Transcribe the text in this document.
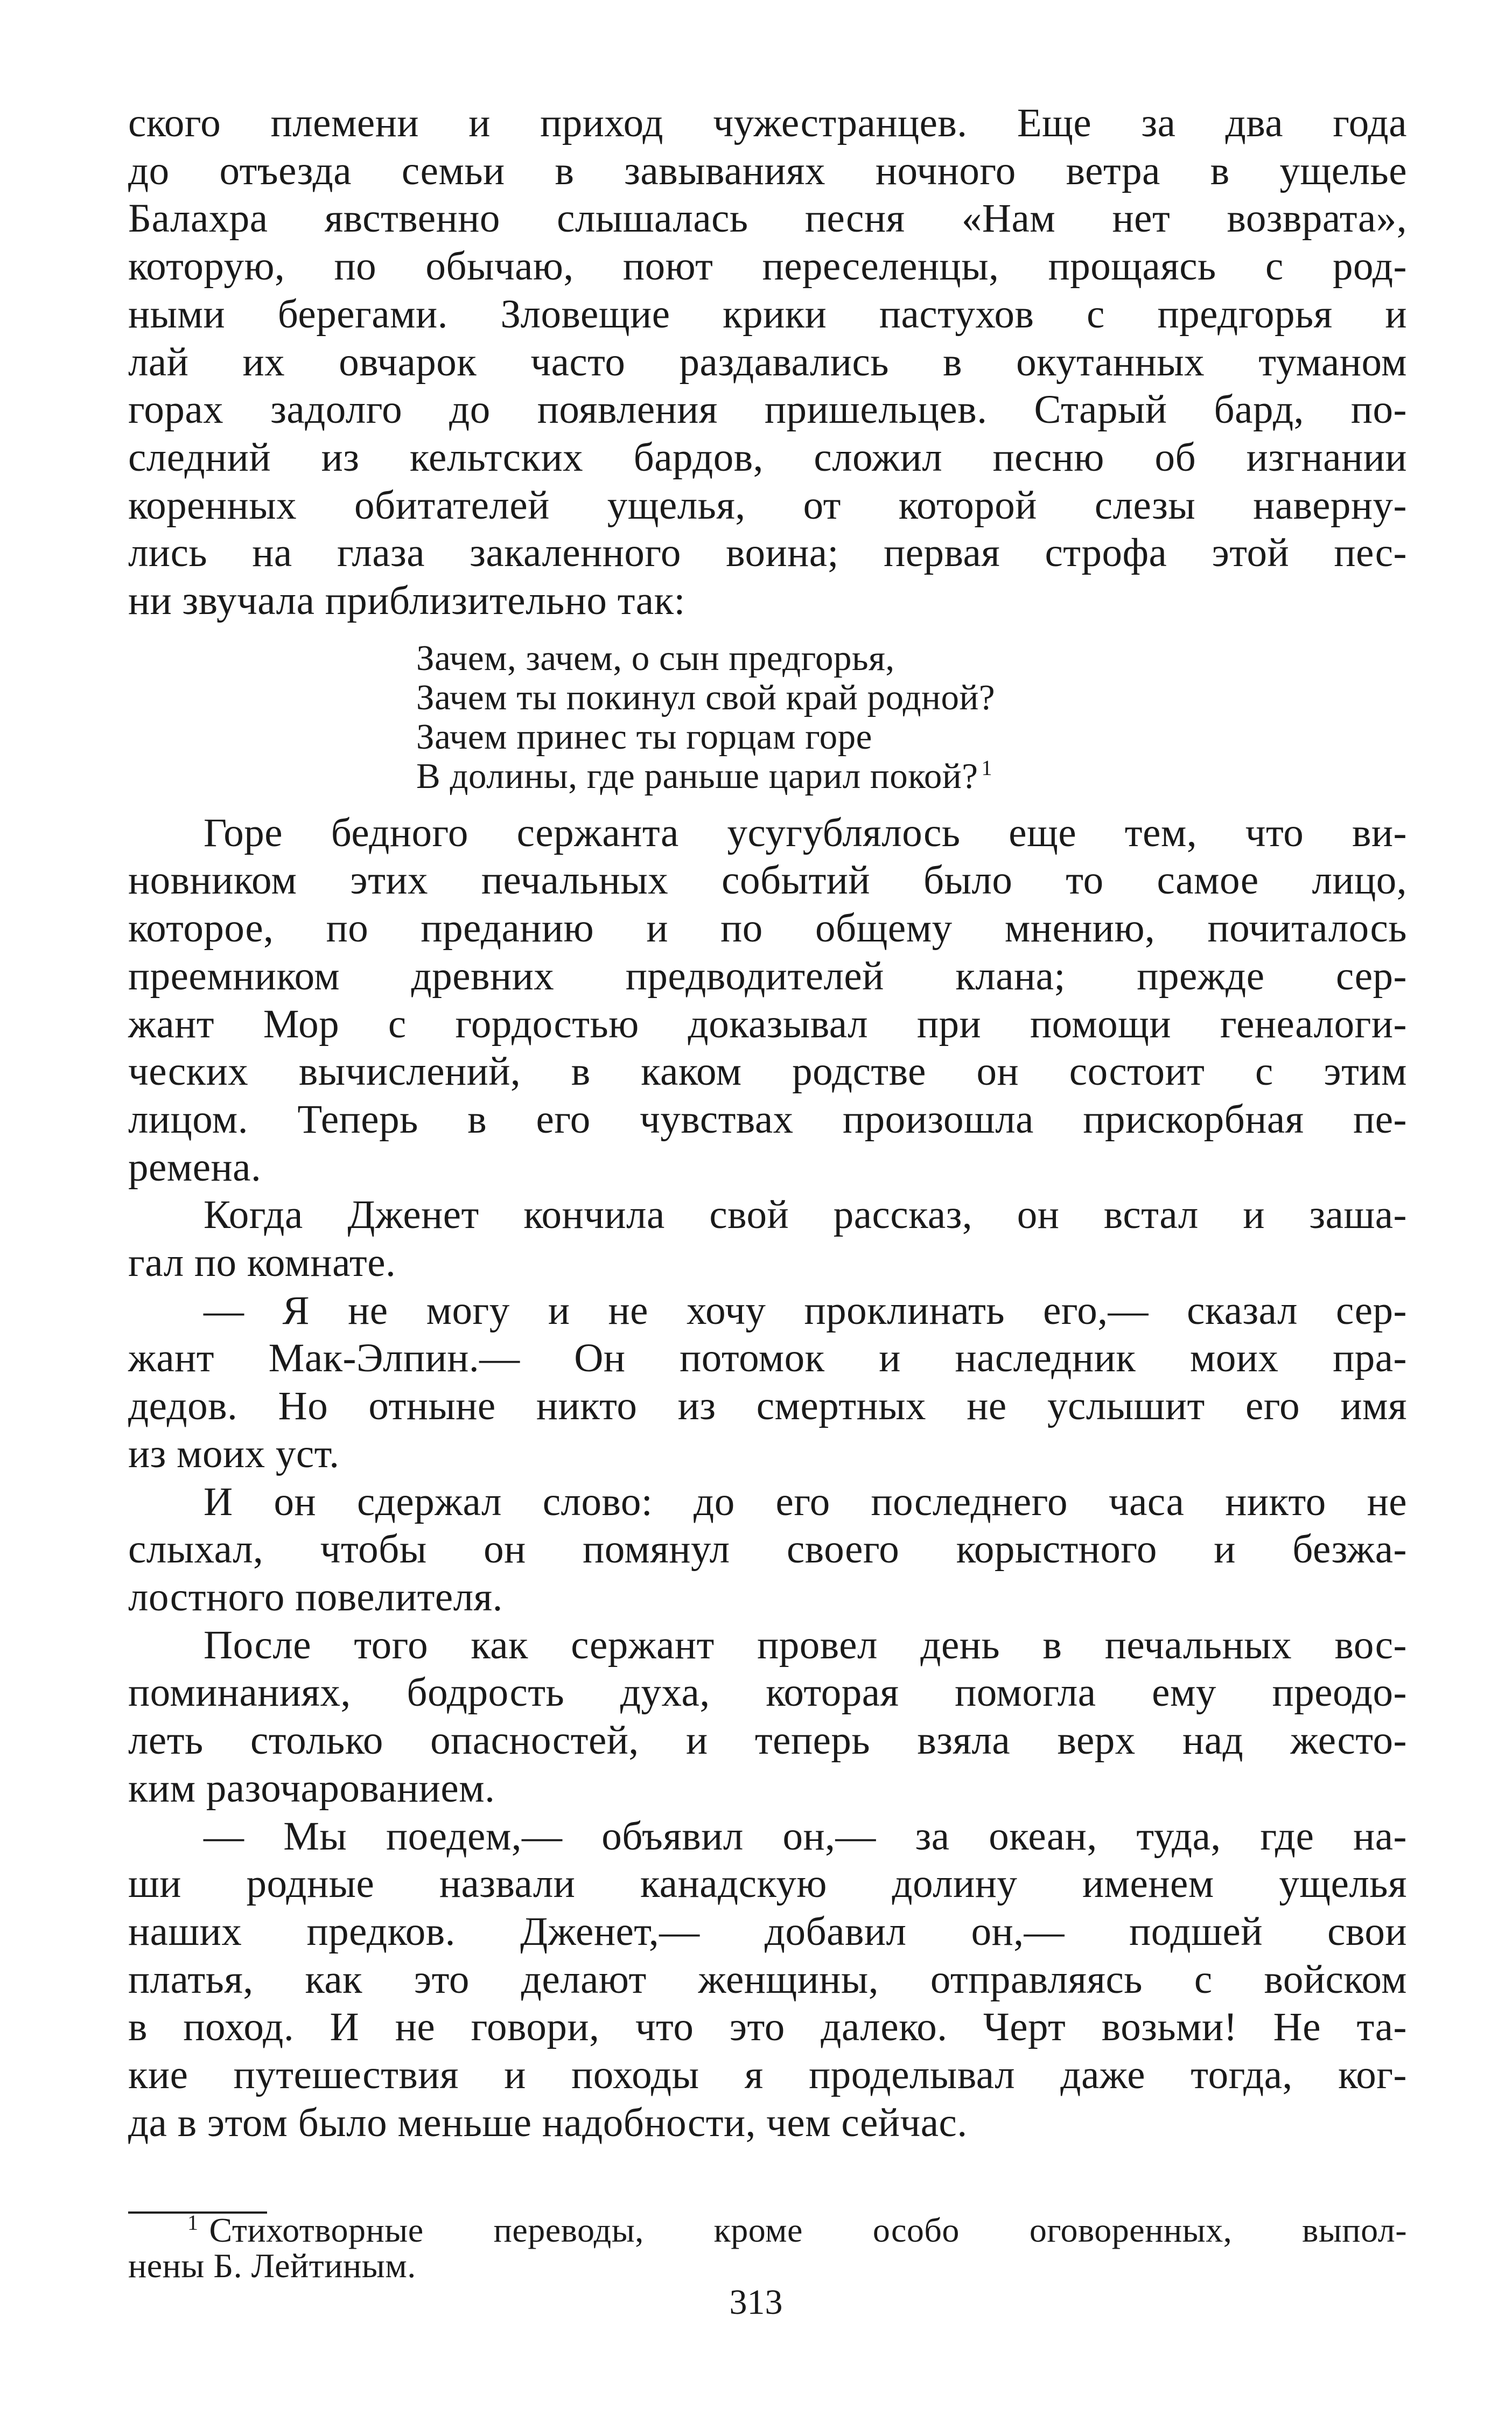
ского племени и приход чужестранцев. Еще за два года
до отъезда семьи в завываниях ночного ветра в ущелье
Балахра явственно слышалась песня «Нам нет возврата»,
которую, по обычаю, поют переселенцы, прощаясь с род-
ными берегами. Зловещие крики пастухов с предгорья и
лай их овчарок часто раздавались в окутанных туманом
горах задолго до появления пришельцев. Старый бард, по-
следний из кельтских бардов, сложил песню об изгнании
коренных обитателей ущелья, от которой слезы наверну-
лись на глаза закаленного воина; первая строфа этой пес-
ни звучала приблизительно так:

Зачем, зачем, о сын предгорья,
Зачем ты покинул свой край родной?
Зачем принес ты горцам горе
В долины, где раньше царил покой? $^1$

Горе бедного сержанта усугублялось еще тем, что ви-
новником этих печальных событий было то самое лицо,
которое, по преданию и по общему мнению, почиталось
преемником древних предводителей клана; прежде сер-
жант Мор с гордостью доказывал при помощи генеалоги-
ческих вычислений, в каком родстве он состоит с этим
лицом. Теперь в его чувствах произошла прискорбная пе-
ремена.

Когда Дженет кончила свой рассказ, он встал и зашa-
гал по комнате.

— Я не могу и не хочу проклинать его,— сказал сер-
жант Мак-Элпин.— Он потомок и наследник моих пра-
дедов. Но отныне никто из смертных не услышит его имя
из моих уст.

И он сдержал слово: до его последнего часа никто не
слыхал, чтобы он помянул своего корыстного и безжа-
лостного повелителя.

После того как сержант провел день в печальных вос-
поминаниях, бодрость духа, которая помогла ему преодо-
леть столько опасностей, и теперь взяла верх над жесто-
ким разочарованием.

— Мы поедем,— объявил он,— за океан, туда, где на-
ши родные назвали канадскую долину именем ущелья
наших предков. Дженет,— добавил он,— подшей свои
платья, как это делают женщины, отправляясь с войском
в поход. И не говори, что это далеко. Черт возьми! Не та-
кие путешествия и походы я проделывал даже тогда, ког-
да в этом было меньше надобности, чем сейчас.

$^1$ Стихотворные переводы, кроме особо оговоренных, выпол-
нены Б. Лейтиным.
313
